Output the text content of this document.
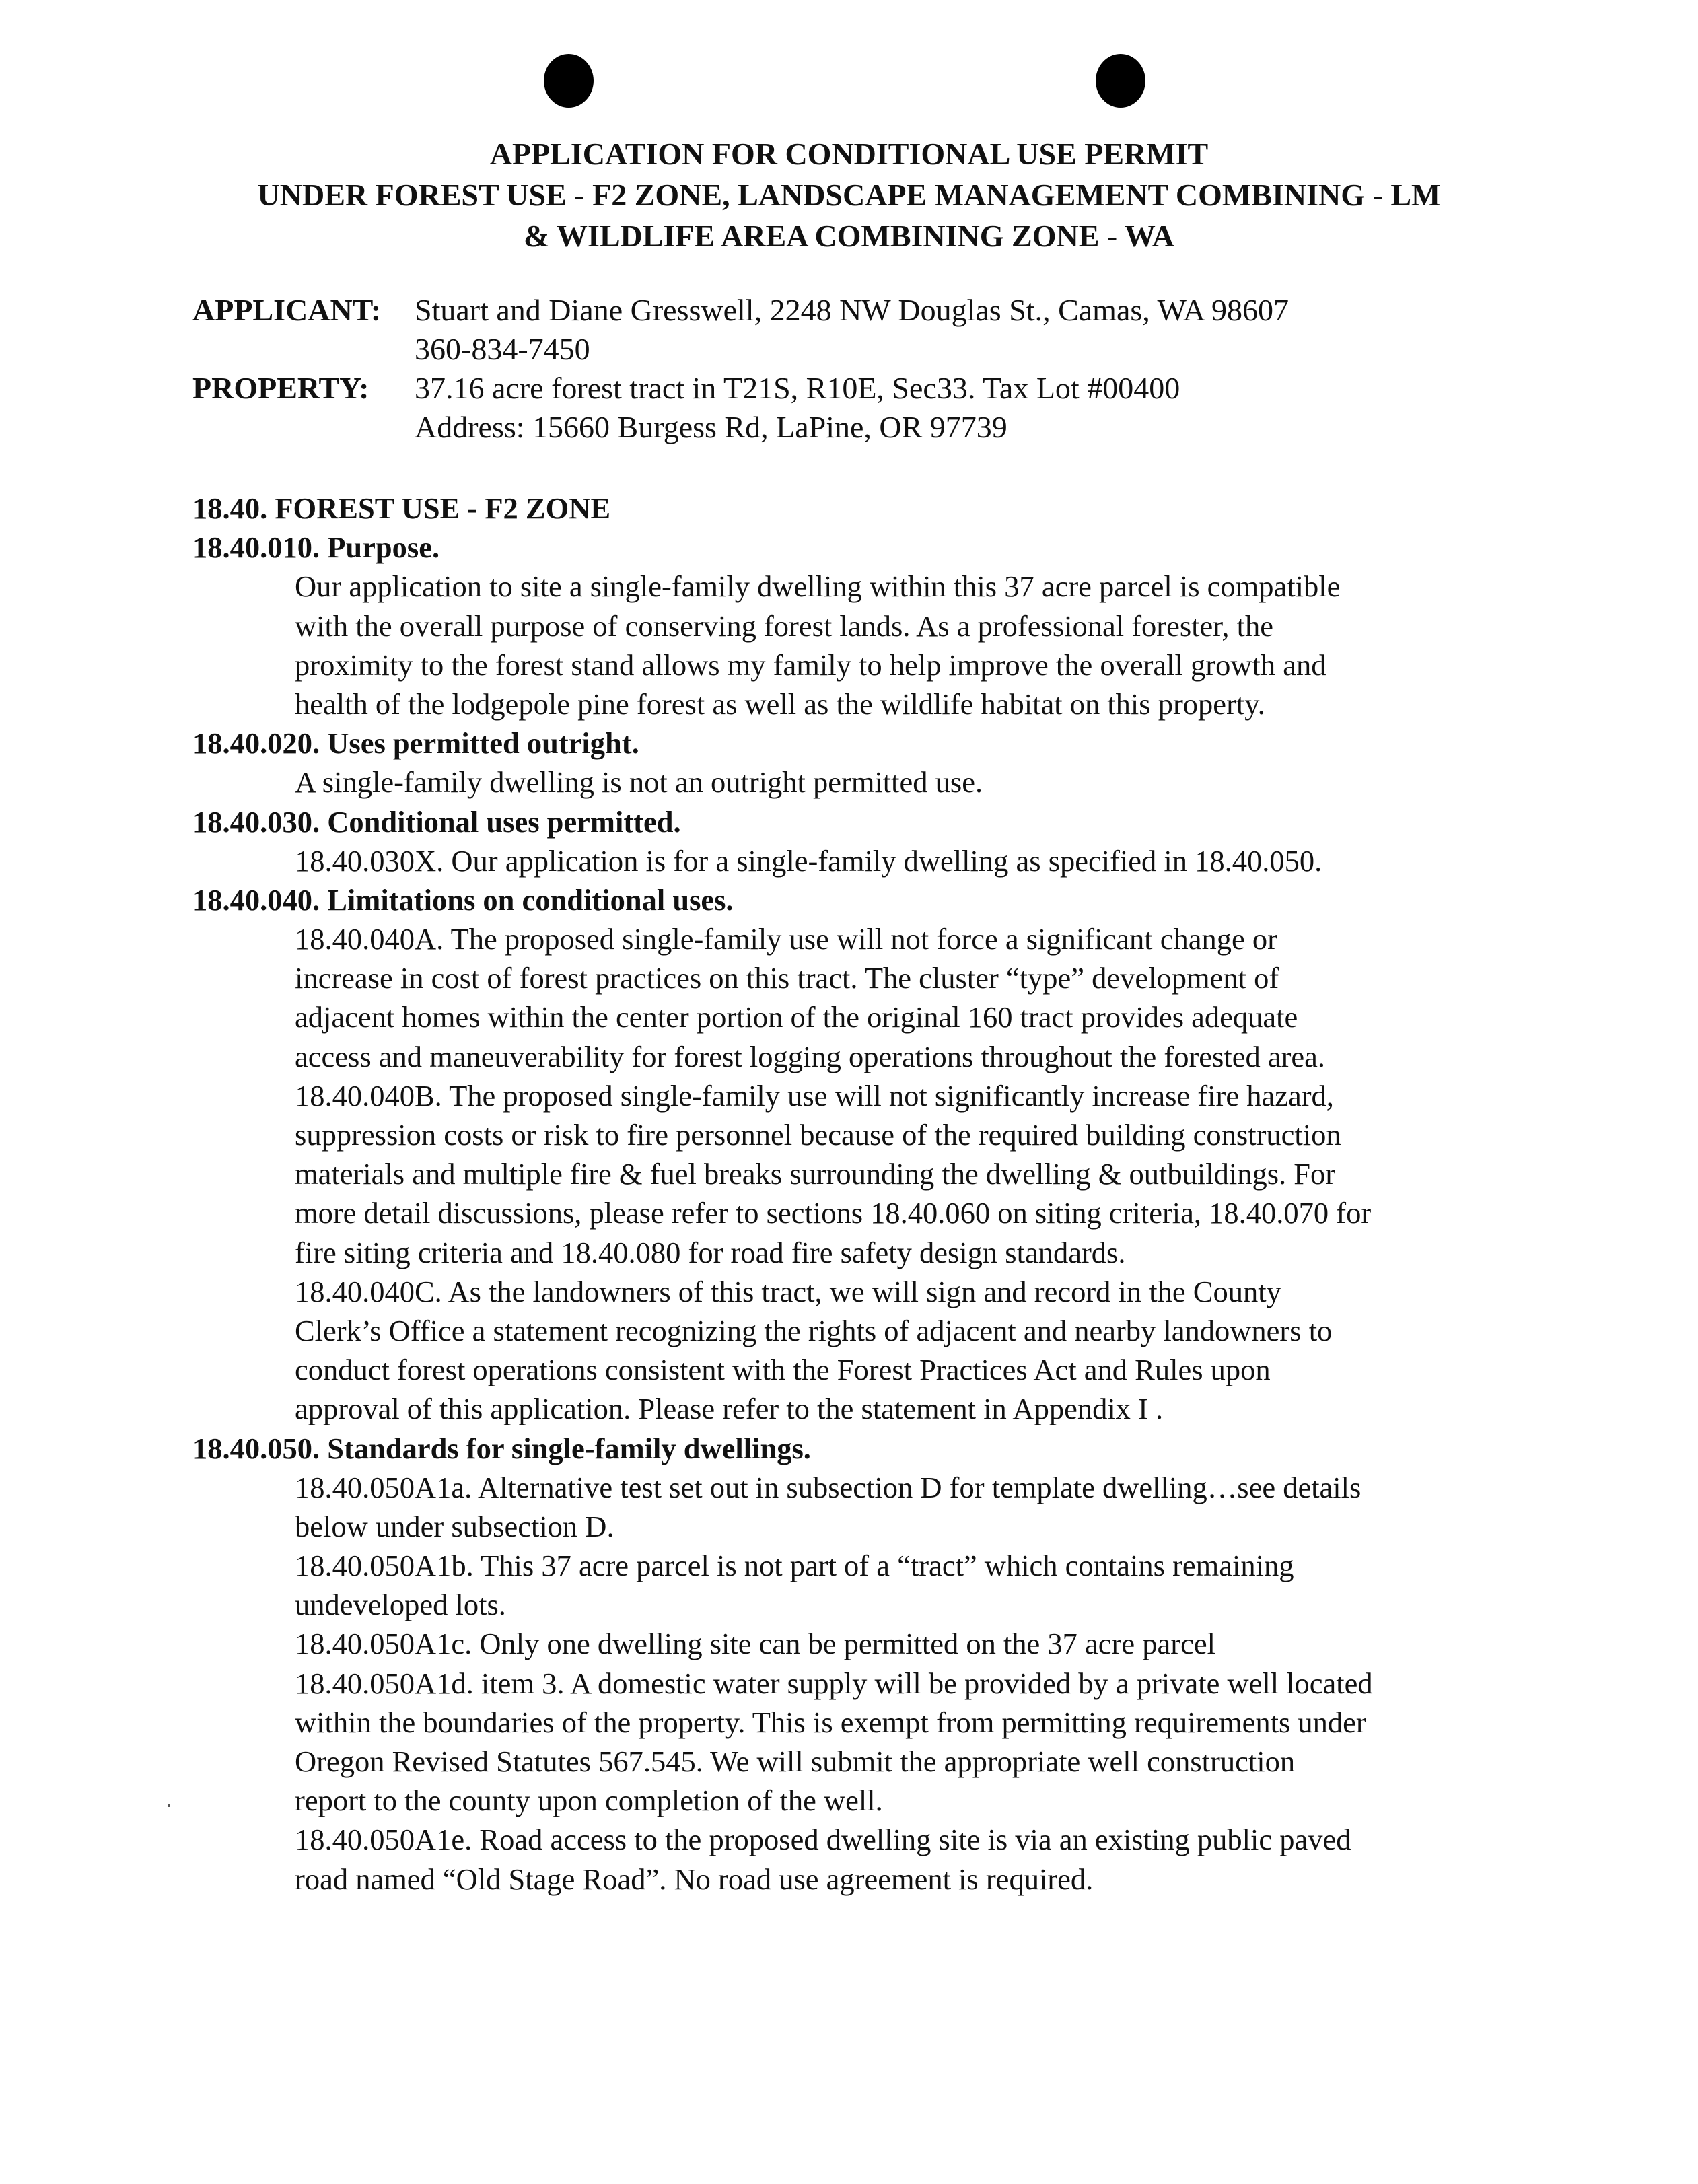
APPLICATION FOR CONDITIONAL USE PERMIT
UNDER FOREST USE - F2 ZONE, LANDSCAPE MANAGEMENT COMBINING - LM
& WILDLIFE AREA COMBINING ZONE - WA
APPLICANT: Stuart and Diane Gresswell, 2248 NW Douglas St., Camas, WA 98607
360-834-7450
PROPERTY: 37.16 acre forest tract in T21S, R10E, Sec33. Tax Lot #00400
Address: 15660 Burgess Rd, LaPine, OR 97739
18.40. FOREST USE - F2 ZONE
18.40.010. Purpose.
Our application to site a single-family dwelling within this 37 acre parcel is compatible
with the overall purpose of conserving forest lands. As a professional forester, the
proximity to the forest stand allows my family to help improve the overall growth and
health of the lodgepole pine forest as well as the wildlife habitat on this property.
18.40.020. Uses permitted outright.
A single-family dwelling is not an outright permitted use.
18.40.030. Conditional uses permitted.
18.40.030X. Our application is for a single-family dwelling as specified in 18.40.050.
18.40.040. Limitations on conditional uses.
18.40.040A. The proposed single-family use will not force a significant change or
increase in cost of forest practices on this tract. The cluster “type” development of
adjacent homes within the center portion of the original 160 tract provides adequate
access and maneuverability for forest logging operations throughout the forested area.
18.40.040B. The proposed single-family use will not significantly increase fire hazard,
suppression costs or risk to fire personnel because of the required building construction
materials and multiple fire & fuel breaks surrounding the dwelling & outbuildings. For
more detail discussions, please refer to sections 18.40.060 on siting criteria, 18.40.070 for
fire siting criteria and 18.40.080 for road fire safety design standards.
18.40.040C. As the landowners of this tract, we will sign and record in the County
Clerk’s Office a statement recognizing the rights of adjacent and nearby landowners to
conduct forest operations consistent with the Forest Practices Act and Rules upon
approval of this application. Please refer to the statement in Appendix I .
18.40.050. Standards for single-family dwellings.
18.40.050A1a. Alternative test set out in subsection D for template dwelling…see details
below under subsection D.
18.40.050A1b. This 37 acre parcel is not part of a “tract” which contains remaining
undeveloped lots.
18.40.050A1c. Only one dwelling site can be permitted on the 37 acre parcel
18.40.050A1d. item 3. A domestic water supply will be provided by a private well located
within the boundaries of the property. This is exempt from permitting requirements under
Oregon Revised Statutes 567.545. We will submit the appropriate well construction
report to the county upon completion of the well.
18.40.050A1e. Road access to the proposed dwelling site is via an existing public paved
road named “Old Stage Road”. No road use agreement is required.
